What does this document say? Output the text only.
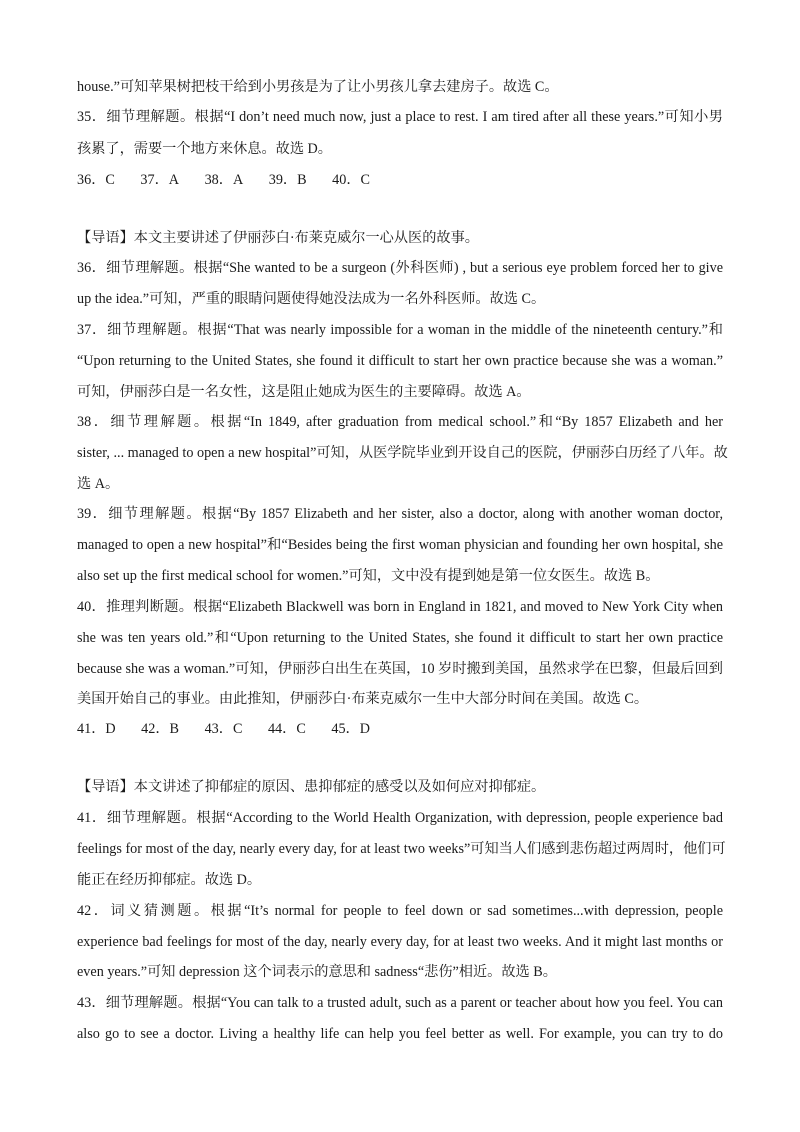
house.”可知苹果树把枝干给到小男孩是为了让小男孩儿拿去建房子。故选 C。
35．细节理解题。根据“I don’t need much now, just a place to rest. I am tired after all these years.”可知小男
孩累了，需要一个地方来休息。故选 D。
36．C 37．A 38．A 39．B 40．C
【导语】本文主要讲述了伊丽莎白·布莱克威尔一心从医的故事。
36．细节理解题。根据“She wanted to be a surgeon (外科医师) , but a serious eye problem forced her to give
up the idea.”可知，严重的眼睛问题使得她没法成为一名外科医师。故选 C。
37．细节理解题。根据“That was nearly impossible for a woman in the middle of the nineteenth century.”和
“Upon returning to the United States, she found it difficult to start her own practice because she was a woman.”
可知，伊丽莎白是一名女性，这是阻止她成为医生的主要障碍。故选 A。
38．细节理解题。根据“In 1849, after graduation from medical school.”和“By 1857 Elizabeth and her
sister, ... managed to open a new hospital”可知，从医学院毕业到开设自己的医院，伊丽莎白历经了八年。故
选 A。
39．细节理解题。根据“By 1857 Elizabeth and her sister, also a doctor, along with another woman doctor,
managed to open a new hospital”和“Besides being the first woman physician and founding her own hospital, she
also set up the first medical school for women.”可知，文中没有提到她是第一位女医生。故选 B。
40．推理判断题。根据“Elizabeth Blackwell was born in England in 1821, and moved to New York City when
she was ten years old.”和“Upon returning to the United States, she found it difficult to start her own practice
because she was a woman.”可知，伊丽莎白出生在英国，10 岁时搬到美国，虽然求学在巴黎，但最后回到
美国开始自己的事业。由此推知，伊丽莎白·布莱克威尔一生中大部分时间在美国。故选 C。
41．D 42．B 43．C 44．C 45．D
【导语】本文讲述了抑郁症的原因、患抑郁症的感受以及如何应对抑郁症。
41．细节理解题。根据“According to the World Health Organization, with depression, people experience bad
feelings for most of the day, nearly every day, for at least two weeks”可知当人们感到悲伤超过两周时，他们可
能正在经历抑郁症。故选 D。
42．词义猜测题。根据“It’s normal for people to feel down or sad sometimes...with depression, people
experience bad feelings for most of the day, nearly every day, for at least two weeks. And it might last months or
even years.”可知 depression 这个词表示的意思和 sadness“悲伤”相近。故选 B。
43．细节理解题。根据“You can talk to a trusted adult, such as a parent or teacher about how you feel. You can
also go to see a doctor. Living a healthy life can help you feel better as well. For example, you can try to do
